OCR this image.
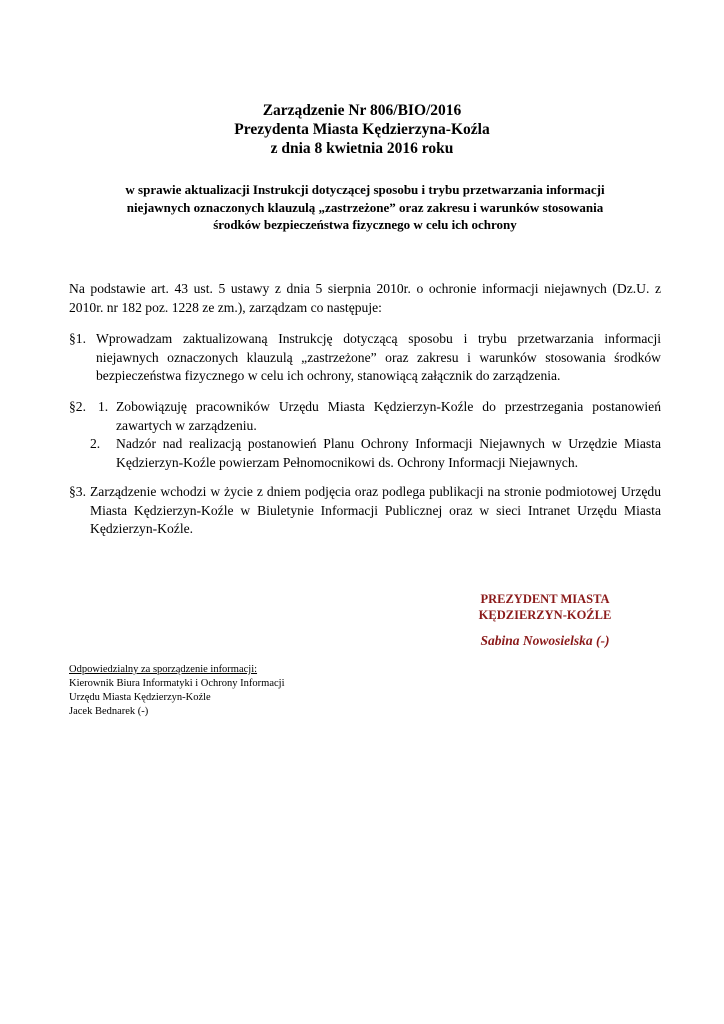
Zarządzenie Nr 806/BIO/2016
Prezydenta Miasta Kędzierzyna-Koźla
z dnia 8 kwietnia 2016 roku
w sprawie aktualizacji Instrukcji dotyczącej sposobu i trybu przetwarzania informacji
niejawnych oznaczonych klauzulą „zastrzeżone” oraz zakresu i warunków stosowania
środków bezpieczeństwa fizycznego w celu ich ochrony
Na podstawie art. 43 ust. 5 ustawy z dnia 5 sierpnia 2010r. o ochronie informacji niejawnych (Dz.U. z 2010r. nr 182 poz. 1228 ze zm.), zarządzam co następuje:
§1. Wprowadzam zaktualizowaną Instrukcję dotyczącą sposobu i trybu przetwarzania informacji niejawnych oznaczonych klauzulą „zastrzeżone” oraz zakresu i warunków stosowania środków bezpieczeństwa fizycznego w celu ich ochrony, stanowiącą załącznik do zarządzenia.
§2. 1. Zobowiązuję pracowników Urzędu Miasta Kędzierzyn-Koźle do przestrzegania postanowień zawartych w zarządzeniu.
2. Nadzór nad realizacją postanowień Planu Ochrony Informacji Niejawnych w Urzędzie Miasta Kędzierzyn-Koźle powierzam Pełnomocnikowi ds. Ochrony Informacji Niejawnych.
§3. Zarządzenie wchodzi w życie z dniem podjęcia oraz podlega publikacji na stronie podmiotowej Urzędu Miasta Kędzierzyn-Koźle w Biuletynie Informacji Publicznej oraz w sieci Intranet Urzędu Miasta Kędzierzyn-Koźle.
PREZYDENT MIASTA
KĘDZIERZYN-KOŹLE
Sabina Nowosielska (-)
Odpowiedzialny za sporządzenie informacji:
Kierownik Biura Informatyki i Ochrony Informacji
Urzędu Miasta Kędzierzyn-Koźle
Jacek Bednarek (-)
